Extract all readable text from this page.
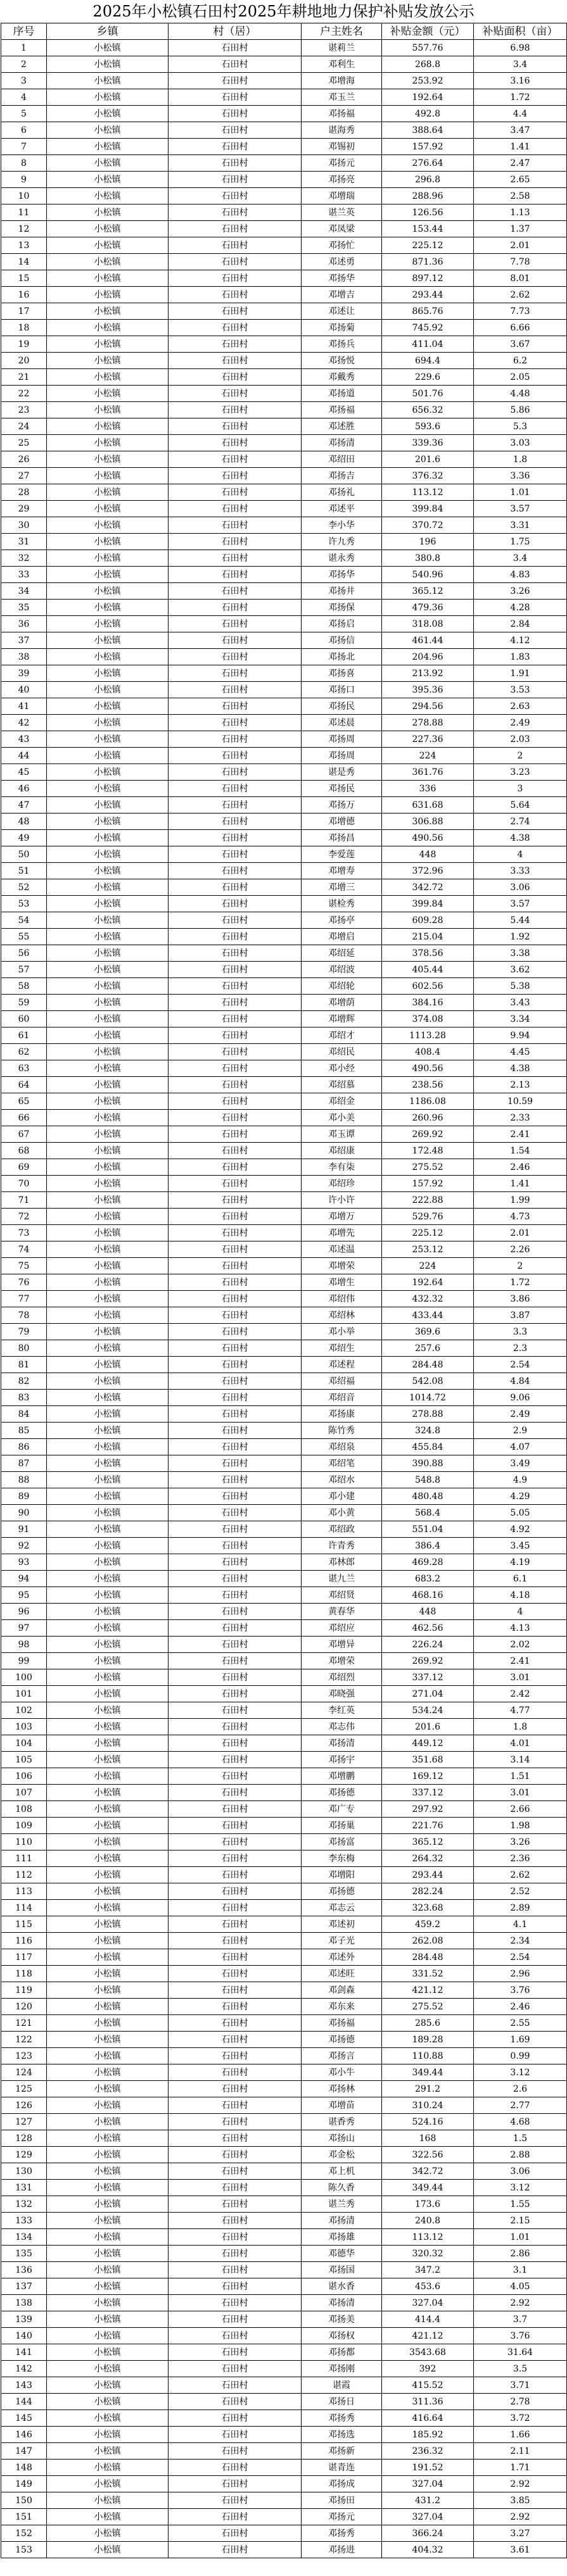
2025年小松镇石田村2025年耕地地力保护补贴发放公示
序号	乡镇	村（居）	户主姓名	补贴金额（元）	补贴面积（亩）
1	小松镇	石田村	谌莉兰	557.76	6.98
2	小松镇	石田村	邓利生	268.8	3.4
3	小松镇	石田村	邓增海	253.92	3.16
4	小松镇	石田村	邓玉兰	192.64	1.72
5	小松镇	石田村	邓扬福	492.8	4.4
6	小松镇	石田村	谌海秀	388.64	3.47
7	小松镇	石田村	邓锡初	157.92	1.41
8	小松镇	石田村	邓扬元	276.64	2.47
9	小松镇	石田村	邓扬亮	296.8	2.65
10	小松镇	石田村	邓增瑞	288.96	2.58
11	小松镇	石田村	谌兰英	126.56	1.13
12	小松镇	石田村	邓凤梁	153.44	1.37
13	小松镇	石田村	邓扬忙	225.12	2.01
14	小松镇	石田村	邓述勇	871.36	7.78
15	小松镇	石田村	邓扬华	897.12	8.01
16	小松镇	石田村	邓增吉	293.44	2.62
17	小松镇	石田村	邓述让	865.76	7.73
18	小松镇	石田村	邓扬菊	745.92	6.66
19	小松镇	石田村	邓扬兵	411.04	3.67
20	小松镇	石田村	邓扬悦	694.4	6.2
21	小松镇	石田村	邓戴秀	229.6	2.05
22	小松镇	石田村	邓扬道	501.76	4.48
23	小松镇	石田村	邓扬福	656.32	5.86
24	小松镇	石田村	邓述胜	593.6	5.3
25	小松镇	石田村	邓扬清	339.36	3.03
26	小松镇	石田村	邓绍田	201.6	1.8
27	小松镇	石田村	邓扬吉	376.32	3.36
28	小松镇	石田村	邓扬礼	113.12	1.01
29	小松镇	石田村	邓述平	399.84	3.57
30	小松镇	石田村	李小华	370.72	3.31
31	小松镇	石田村	许九秀	196	1.75
32	小松镇	石田村	谌永秀	380.8	3.4
33	小松镇	石田村	邓扬华	540.96	4.83
34	小松镇	石田村	邓扬井	365.12	3.26
35	小松镇	石田村	邓扬保	479.36	4.28
36	小松镇	石田村	邓扬启	318.08	2.84
37	小松镇	石田村	邓扬信	461.44	4.12
38	小松镇	石田村	邓扬北	204.96	1.83
39	小松镇	石田村	邓扬喜	213.92	1.91
40	小松镇	石田村	邓扬口	395.36	3.53
41	小松镇	石田村	邓扬民	294.56	2.63
42	小松镇	石田村	邓述晨	278.88	2.49
43	小松镇	石田村	邓扬周	227.36	2.03
44	小松镇	石田村	邓扬周	224	2
45	小松镇	石田村	谌是秀	361.76	3.23
46	小松镇	石田村	邓扬民	336	3
47	小松镇	石田村	邓扬万	631.68	5.64
48	小松镇	石田村	邓增德	306.88	2.74
49	小松镇	石田村	邓扬昌	490.56	4.38
50	小松镇	石田村	李爱莲	448	4
51	小松镇	石田村	邓增寿	372.96	3.33
52	小松镇	石田村	邓增三	342.72	3.06
53	小松镇	石田村	谌检秀	399.84	3.57
54	小松镇	石田村	邓扬亭	609.28	5.44
55	小松镇	石田村	邓增启	215.04	1.92
56	小松镇	石田村	邓绍延	378.56	3.38
57	小松镇	石田村	邓绍波	405.44	3.62
58	小松镇	石田村	邓绍轮	602.56	5.38
59	小松镇	石田村	邓增荫	384.16	3.43
60	小松镇	石田村	邓增辉	374.08	3.34
61	小松镇	石田村	邓绍才	1113.28	9.94
62	小松镇	石田村	邓绍民	408.4	4.45
63	小松镇	石田村	邓小经	490.56	4.38
64	小松镇	石田村	邓绍慕	238.56	2.13
65	小松镇	石田村	邓绍金	1186.08	10.59
66	小松镇	石田村	邓小美	260.96	2.33
67	小松镇	石田村	邓玉谭	269.92	2.41
68	小松镇	石田村	邓绍康	172.48	1.54
69	小松镇	石田村	李有柒	275.52	2.46
70	小松镇	石田村	邓绍珍	157.92	1.41
71	小松镇	石田村	许小许	222.88	1.99
72	小松镇	石田村	邓增万	529.76	4.73
73	小松镇	石田村	邓增先	225.12	2.01
74	小松镇	石田村	邓述温	253.12	2.26
75	小松镇	石田村	邓增荣	224	2
76	小松镇	石田村	邓增生	192.64	1.72
77	小松镇	石田村	邓绍伟	432.32	3.86
78	小松镇	石田村	邓绍林	433.44	3.87
79	小松镇	石田村	邓小举	369.6	3.3
80	小松镇	石田村	邓绍生	257.6	2.3
81	小松镇	石田村	邓述程	284.48	2.54
82	小松镇	石田村	邓绍福	542.08	4.84
83	小松镇	石田村	邓绍音	1014.72	9.06
84	小松镇	石田村	邓扬康	278.88	2.49
85	小松镇	石田村	陈竹秀	324.8	2.9
86	小松镇	石田村	邓绍泉	455.84	4.07
87	小松镇	石田村	邓绍笔	390.88	3.49
88	小松镇	石田村	邓绍水	548.8	4.9
89	小松镇	石田村	邓小建	480.48	4.29
90	小松镇	石田村	邓小黄	568.4	5.05
91	小松镇	石田村	邓绍政	551.04	4.92
92	小松镇	石田村	许青秀	386.4	3.45
93	小松镇	石田村	邓林郎	469.28	4.19
94	小松镇	石田村	谌九兰	683.2	6.1
95	小松镇	石田村	邓绍贤	468.16	4.18
96	小松镇	石田村	黄春华	448	4
97	小松镇	石田村	邓绍应	462.56	4.13
98	小松镇	石田村	邓增异	226.24	2.02
99	小松镇	石田村	邓增荣	269.92	2.41
100	小松镇	石田村	邓绍烈	337.12	3.01
101	小松镇	石田村	邓晓强	271.04	2.42
102	小松镇	石田村	李红英	534.24	4.77
103	小松镇	石田村	邓志伟	201.6	1.8
104	小松镇	石田村	邓扬清	449.12	4.01
105	小松镇	石田村	邓扬宇	351.68	3.14
106	小松镇	石田村	邓增鹏	169.12	1.51
107	小松镇	石田村	邓扬德	337.12	3.01
108	小松镇	石田村	邓广专	297.92	2.66
109	小松镇	石田村	邓扬巢	221.76	1.98
110	小松镇	石田村	邓扬富	365.12	3.26
111	小松镇	石田村	李东梅	264.32	2.36
112	小松镇	石田村	邓增阳	293.44	2.62
113	小松镇	石田村	邓扬德	282.24	2.52
114	小松镇	石田村	邓志云	323.68	2.89
115	小松镇	石田村	邓述初	459.2	4.1
116	小松镇	石田村	邓子光	262.08	2.34
117	小松镇	石田村	邓述外	284.48	2.54
118	小松镇	石田村	邓述旺	331.52	2.96
119	小松镇	石田村	邓剑森	421.12	3.76
120	小松镇	石田村	邓东来	275.52	2.46
121	小松镇	石田村	邓扬福	285.6	2.55
122	小松镇	石田村	邓扬德	189.28	1.69
123	小松镇	石田村	邓扬言	110.88	0.99
124	小松镇	石田村	邓小牛	349.44	3.12
125	小松镇	石田村	邓扬林	291.2	2.6
126	小松镇	石田村	邓增苗	310.24	2.77
127	小松镇	石田村	谌香秀	524.16	4.68
128	小松镇	石田村	邓扬山	168	1.5
129	小松镇	石田村	邓金松	322.56	2.88
130	小松镇	石田村	邓上机	342.72	3.06
131	小松镇	石田村	陈久香	349.44	3.12
132	小松镇	石田村	谌兰秀	173.6	1.55
133	小松镇	石田村	邓扬清	240.8	2.15
134	小松镇	石田村	邓扬雄	113.12	1.01
135	小松镇	石田村	邓德华	320.32	2.86
136	小松镇	石田村	邓扬国	347.2	3.1
137	小松镇	石田村	谌水香	453.6	4.05
138	小松镇	石田村	邓扬清	327.04	2.92
139	小松镇	石田村	邓扬美	414.4	3.7
140	小松镇	石田村	邓扬权	421.12	3.76
141	小松镇	石田村	邓扬都	3543.68	31.64
142	小松镇	石田村	邓扬刚	392	3.5
143	小松镇	石田村	谌霞	415.52	3.71
144	小松镇	石田村	邓扬日	311.36	2.78
145	小松镇	石田村	邓扬秀	416.64	3.72
146	小松镇	石田村	邓扬选	185.92	1.66
147	小松镇	石田村	邓扬新	236.32	2.11
148	小松镇	石田村	谌青连	191.52	1.71
149	小松镇	石田村	邓扬成	327.04	2.92
150	小松镇	石田村	邓扬田	431.2	3.85
151	小松镇	石田村	邓扬元	327.04	2.92
152	小松镇	石田村	邓扬秀	366.24	3.27
153	小松镇	石田村	邓扬进	404.32	3.61
